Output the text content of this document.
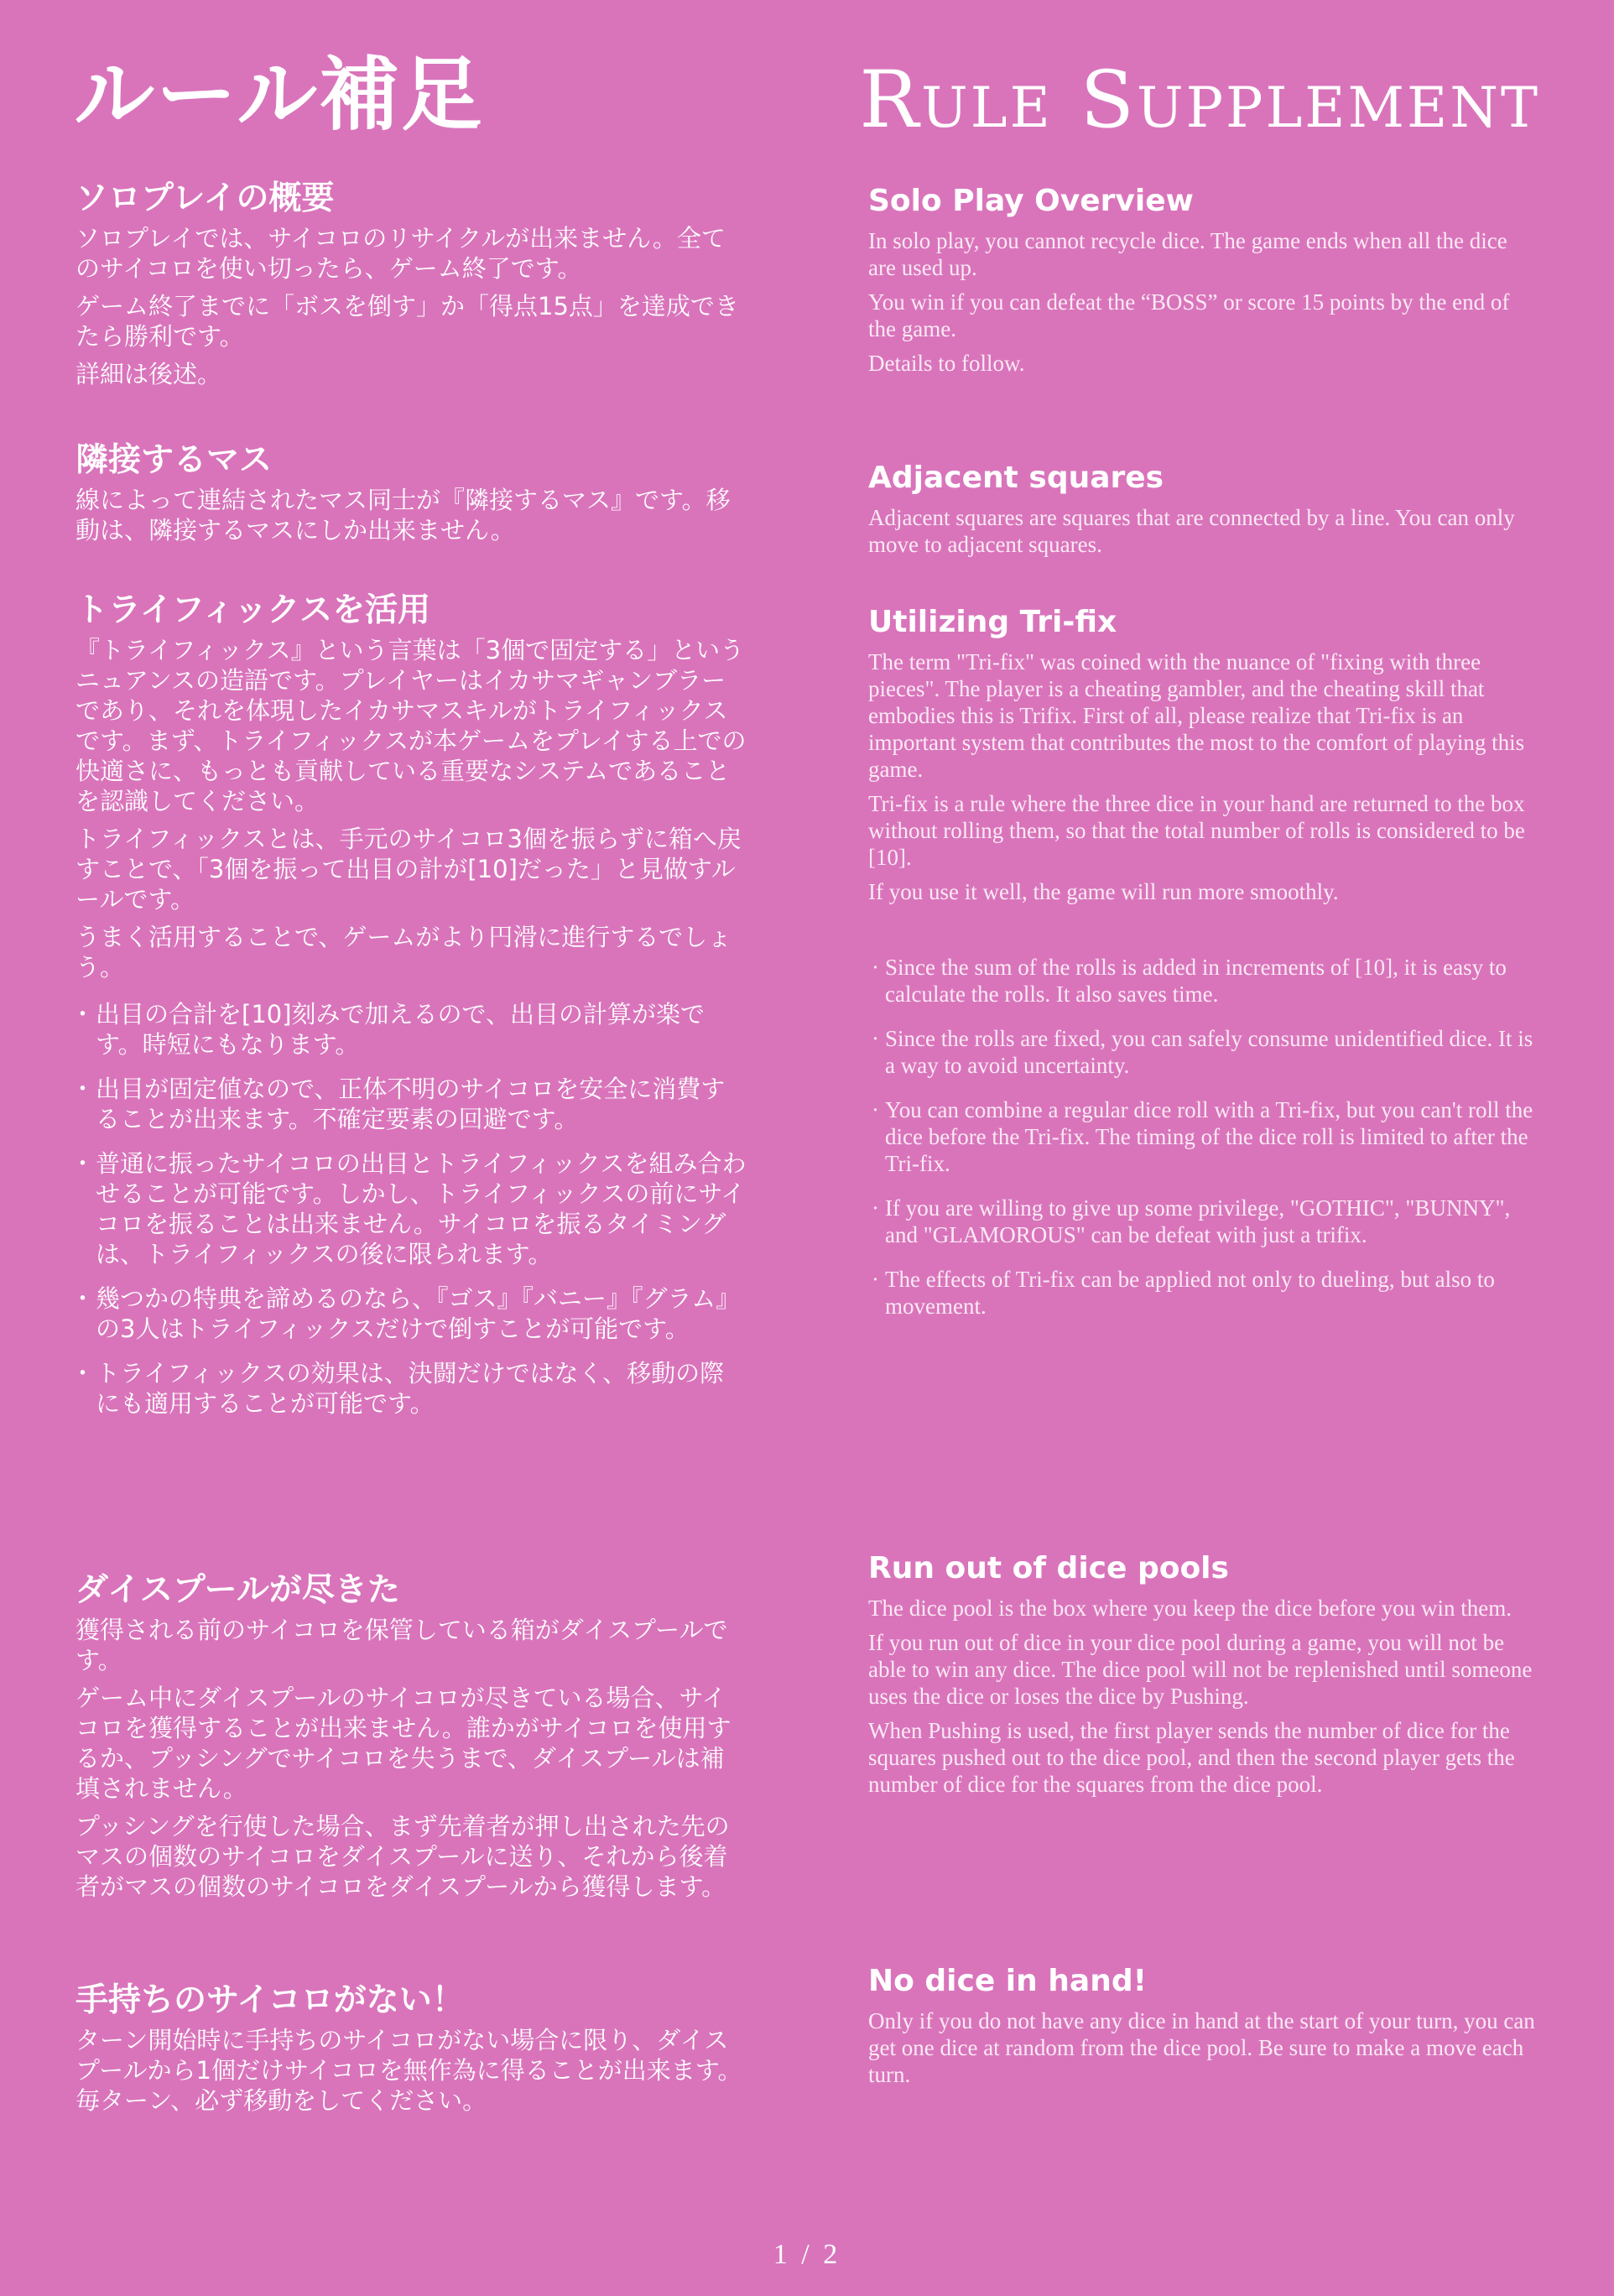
ルール補足	Rule Supplement
ソロプレイの概要

ソロプレイでは、サイコロのリサイクルが出来ません。全てのサイコロを使い切ったら、ゲーム終了です。

ゲーム終了までに「ボスを倒す」か「得点15点」を達成できたら勝利です。

詳細は後述。

隣接するマス

線によって連結されたマス同士が『隣接するマス』です。移動は、隣接するマスにしか出来ません。

トライフィックスを活用

『トライフィックス』という言葉は「3個で固定する」というニュアンスの造語です。プレイヤーはイカサマギャンブラーであり、それを体現したイカサマスキルがトライフィックスです。まず、トライフィックスが本ゲームをプレイする上での快適さに、もっとも貢献している重要なシステムであることを認識してください。

トライフィックスとは、手元のサイコロ3個を振らずに箱へ戻すことで、「3個を振って出目の計が[10]だった」と見做すルールです。

うまく活用することで、ゲームがより円滑に進行するでしょう。

・ 出目の合計を[10]刻みで加えるので、出目の計算が楽です。時短にもなります。
・ 出目が固定値なので、正体不明のサイコロを安全に消費することが出来ます。不確定要素の回避です。
・ 普通に振ったサイコロの出目とトライフィックスを組み合わせることが可能です。しかし、トライフィックスの前にサイコロを振ることは出来ません。サイコロを振るタイミングは、トライフィックスの後に限られます。
・ 幾つかの特典を諦めるのなら、『ゴス』『バニー』『グラム』の3人はトライフィックスだけで倒すことが可能です。
・ トライフィックスの効果は、決闘だけではなく、移動の際にも適用することが可能です。
ダイスプールが尽きた

獲得される前のサイコロを保管している箱がダイスプールです。

ゲーム中にダイスプールのサイコロが尽きている場合、サイコロを獲得することが出来ません。誰かがサイコロを使用するか、プッシングでサイコロを失うまで、ダイスプールは補填されません。

プッシングを行使した場合、まず先着者が押し出された先のマスの個数のサイコロをダイスプールに送り、それから後着者がマスの個数のサイコロをダイスプールから獲得します。

手持ちのサイコロがない！

ターン開始時に手持ちのサイコロがない場合に限り、ダイスプールから1個だけサイコロを無作為に得ることが出来ます。毎ターン、必ず移動をしてください。

Solo Play Overview

In solo play, you cannot recycle dice. The game ends when all the dice are used up.

You win if you can defeat the “BOSS” or score 15 points by the end of the game.

Details to follow.

Adjacent squares

Adjacent squares are squares that are connected by a line. You can only move to adjacent squares.

Utilizing Tri-fix

The term "Tri-fix" was coined with the nuance of "fixing with three pieces". The player is a cheating gambler, and the cheating skill that embodies this is Trifix. First of all, please realize that Tri-fix is an important system that contributes the most to the comfort of playing this game.

Tri-fix is a rule where the three dice in your hand are returned to the box without rolling them, so that the total number of rolls is considered to be [10].

If you use it well, the game will run more smoothly.

· Since the sum of the rolls is added in increments of [10], it is easy to calculate the rolls. It also saves time.
· Since the rolls are fixed, you can safely consume unidentified dice. It is a way to avoid uncertainty.
· You can combine a regular dice roll with a Tri-fix, but you can't roll the dice before the Tri-fix. The timing of the dice roll is limited to after the Tri-fix.
· If you are willing to give up some privilege, "GOTHIC", "BUNNY", and "GLAMOROUS" can be defeat with just a trifix.
· The effects of Tri-fix can be applied not only to dueling, but also to movement.
Run out of dice pools

The dice pool is the box where you keep the dice before you win them.

If you run out of dice in your dice pool during a game, you will not be able to win any dice. The dice pool will not be replenished until someone uses the dice or loses the dice by Pushing.

When Pushing is used, the first player sends the number of dice for the squares pushed out to the dice pool, and then the second player gets the number of dice for the squares from the dice pool.

No dice in hand!

Only if you do not have any dice in hand at the start of your turn, you can get one dice at random from the dice pool. Be sure to make a move each turn.

1 / 2
